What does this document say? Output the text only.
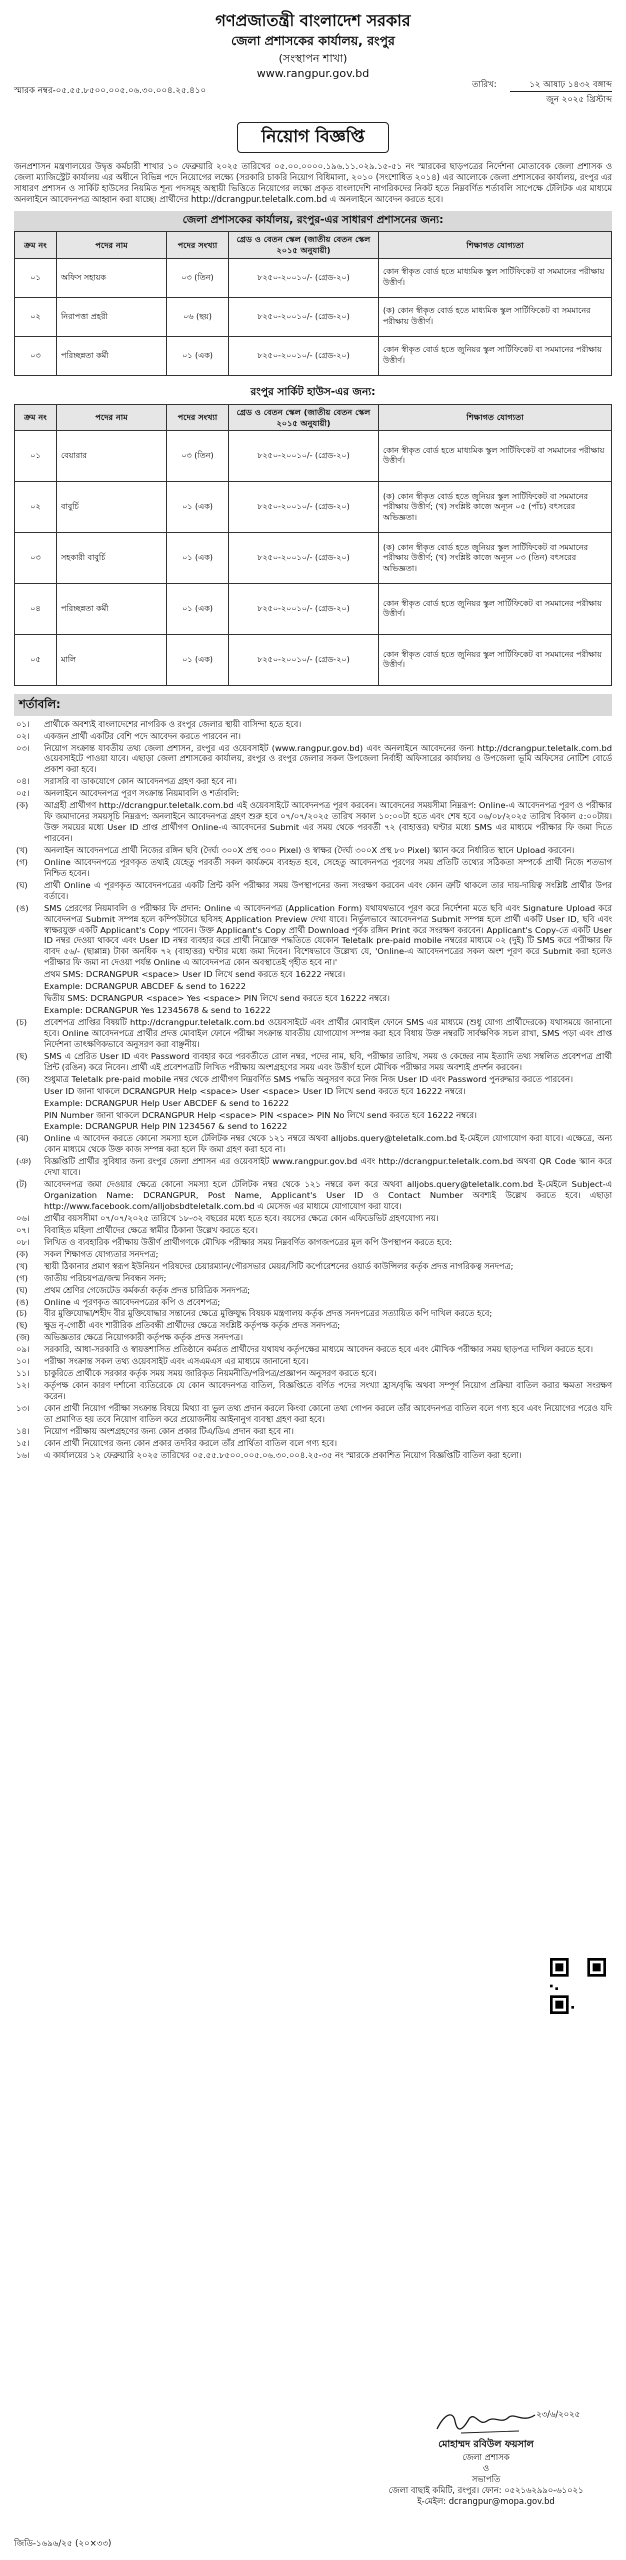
গণপ্রজাতন্ত্রী বাংলাদেশ সরকার
জেলা প্রশাসকের কার্যালয়, রংপুর
(সংস্থাপন শাখা)
www.rangpur.gov.bd
স্মারক নম্বর-০৫.৫৫.৮৫০০.০০৫.০৬.৩০.০০৪.২৫.৪১০
তারিখ:	১২ আষাঢ় ১৪৩২ বঙ্গাব্দ
জুন ২০২৫ খ্রিস্টাব্দ
নিয়োগ বিজ্ঞপ্তি
জনপ্রশাসন মন্ত্রণালয়ের উদ্বৃত্ত কর্মচারী শাখার ১০ ফেব্রুয়ারি ২০২৫ তারিখের ০৫.০০.০০০০.১৯৬.১১.০২৯.১৫-৫১ নং স্মারকের ছাড়পত্রের নির্দেশনা মোতাবেক জেলা প্রশাসক ও জেলা ম্যাজিস্ট্রেট কার্যালয় এর অধীনে বিভিন্ন পদে নিয়োগের লক্ষ্যে (সরকারি চাকরি নিয়োগ বিধিমালা, ২০১০ (সংশোধিত ২০১৪) এর আলোকে জেলা প্রশাসকের কার্যালয়, রংপুর এর সাধারণ প্রশাসন ও সার্কিট হাউসের নিয়মিত শূন্য পদসমূহ অস্থায়ী ভিত্তিতে নিয়োগের লক্ষ্যে প্রকৃত বাংলাদেশি নাগরিকদের নিকট হতে নিম্নবর্ণিত শর্তাবলি সাপেক্ষে টেলিটক এর মাধ্যমে অনলাইনে আবেদনপত্র আহ্বান করা যাচ্ছে। প্রার্থীদের http://dcrangpur.teletalk.com.bd এ অনলাইনে আবেদন করতে হবে।
জেলা প্রশাসকের কার্যালয়, রংপুর-এর সাধারণ প্রশাসনের জন্য:
ক্রম নং	পদের নাম	পদের সংখ্যা	গ্রেড ও বেতন স্কেল (জাতীয় বেতন স্কেল ২০১৫ অনুযায়ী)	শিক্ষাগত যোগ্যতা
০১	অফিস সহায়ক	০৩ (তিন)	৮২৫০-২০০১০/- (গ্রেড-২০)	কোন স্বীকৃত বোর্ড হতে মাধ্যমিক স্কুল সার্টিফিকেট বা সমমানের পরীক্ষায় উত্তীর্ণ।
০২	নিরাপত্তা প্রহরী	০৬ (ছয়)	৮২৫০-২০০১০/- (গ্রেড-২০)	(ক) কোন স্বীকৃত বোর্ড হতে মাধ্যমিক স্কুল সার্টিফিকেট বা সমমানের পরীক্ষায় উত্তীর্ণ।
০৩	পরিচ্ছন্নতা কর্মী	০১ (এক)	৮২৫০-২০০১০/- (গ্রেড-২০)	কোন স্বীকৃত বোর্ড হতে জুনিয়র স্কুল সার্টিফিকেট বা সমমানের পরীক্ষায় উত্তীর্ণ।
রংপুর সার্কিট হাউস-এর জন্য:
ক্রম নং	পদের নাম	পদের সংখ্যা	গ্রেড ও বেতন স্কেল (জাতীয় বেতন স্কেল ২০১৫ অনুযায়ী)	শিক্ষাগত যোগ্যতা
০১	বেয়ারার	০৩ (তিন)	৮২৫০-২০০১০/- (গ্রেড-২০)	কোন স্বীকৃত বোর্ড হতে মাধ্যমিক স্কুল সার্টিফিকেট বা সমমানের পরীক্ষায় উত্তীর্ণ।
০২	বাবুর্চি	০১ (এক)	৮২৫০-২০০১০/- (গ্রেড-২০)	(ক) কোন স্বীকৃত বোর্ড হতে জুনিয়র স্কুল সার্টিফিকেট বা সমমানের পরীক্ষায় উত্তীর্ণ; (খ) সংশ্লিষ্ট কাজে অন্যূন ০৫ (পাঁচ) বৎসরের অভিজ্ঞতা।
০৩	সহকারী বাবুর্চি	০১ (এক)	৮২৫০-২০০১০/- (গ্রেড-২০)	(ক) কোন স্বীকৃত বোর্ড হতে জুনিয়র স্কুল সার্টিফিকেট বা সমমানের পরীক্ষায় উত্তীর্ণ; (খ) সংশ্লিষ্ট কাজে অন্যূন ০৩ (তিন) বৎসরের অভিজ্ঞতা।
০৪	পরিচ্ছন্নতা কর্মী	০১ (এক)	৮২৫০-২০০১০/- (গ্রেড-২০)	কোন স্বীকৃত বোর্ড হতে জুনিয়র স্কুল সার্টিফিকেট বা সমমানের পরীক্ষায় উত্তীর্ণ।
০৫	মালি	০১ (এক)	৮২৫০-২০০১০/- (গ্রেড-২০)	কোন স্বীকৃত বোর্ড হতে জুনিয়র স্কুল সার্টিফিকেট বা সমমানের পরীক্ষায় উত্তীর্ণ।
শর্তাবলি:
০১।	প্রার্থীকে অবশ্যই বাংলাদেশের নাগরিক ও রংপুর জেলার স্থায়ী বাসিন্দা হতে হবে।
০২।	একজন প্রার্থী একটির বেশি পদে আবেদন করতে পারবেন না।
০৩।	নিয়োগ সংক্রান্ত যাবতীয় তথ্য জেলা প্রশাসন, রংপুর এর ওয়েবসাইট (www.rangpur.gov.bd) এবং অনলাইনে আবেদনের জন্য http://dcrangpur.teletalk.com.bd ওয়েবসাইটে পাওয়া যাবে। এছাড়া জেলা প্রশাসকের কার্যালয়, রংপুর ও রংপুর জেলার সকল উপজেলা নির্বাহী অফিসারের কার্যালয় ও উপজেলা ভূমি অফিসের নোটিশ বোর্ডে প্রকাশ করা হবে।
০৪।	সরাসরি বা ডাকযোগে কোন আবেদনপত্র গ্রহণ করা হবে না।
০৫।	অনলাইনে আবেদনপত্র পূরণ সংক্রান্ত নিয়মাবলি ও শর্তাবলি:
(ক)	আগ্রহী প্রার্থীগণ http://dcrangpur.teletalk.com.bd এই ওয়েবসাইটে আবেদনপত্র পূরণ করবেন। আবেদনের সময়সীমা নিম্নরূপ: Online-এ আবেদনপত্র পূরণ ও পরীক্ষার ফি জমাদানের সময়সূচি নিম্নরূপ: অনলাইনে আবেদনপত্র গ্রহণ শুরু হবে ০৭/০৭/২০২৫ তারিখ সকাল ১০:০০টা হতে এবং শেষ হবে ০৬/০৮/২০২৫ তারিখ বিকাল ৫:০০টায়। উক্ত সময়ের মধ্যে User ID প্রাপ্ত প্রার্থীগণ Online-এ আবেদনের Submit এর সময় থেকে পরবর্তী ৭২ (বাহাত্তর) ঘণ্টার মধ্যে SMS এর মাধ্যমে পরীক্ষার ফি জমা দিতে পারবেন।
(খ)	অনলাইন আবেদনপত্রে প্রার্থী নিজের রঙ্গিন ছবি (দৈর্ঘ্য ৩০০X প্রস্থ ৩০০ Pixel) ও স্বাক্ষর (দৈর্ঘ্য ৩০০X প্রস্থ ৮০ Pixel) স্ক্যান করে নির্ধারিত স্থানে Upload করবেন।
(গ)	Online আবেদনপত্রে পূরণকৃত তথ্যই যেহেতু পরবর্তী সকল কার্যক্রমে ব্যবহৃত হবে, সেহেতু আবেদনপত্র পূরণের সময় প্রতিটি তথ্যের সঠিকতা সম্পর্কে প্রার্থী নিজে শতভাগ নিশ্চিত হবেন।
(ঘ)	প্রার্থী Online এ পূরণকৃত আবেদনপত্রের একটি প্রিন্ট কপি পরীক্ষার সময় উপস্থাপনের জন্য সংরক্ষণ করবেন এবং কোন ত্রুটি থাকলে তার দায়-দায়িত্ব সংশ্লিষ্ট প্রার্থীর উপর বর্তাবে।
(ঙ)	SMS প্রেরণের নিয়মাবলি ও পরীক্ষার ফি প্রদান: Online এ আবেদনপত্র (Application Form) যথাযথভাবে পূরণ করে নির্দেশনা মতে ছবি এবং Signature Upload করে আবেদনপত্র Submit সম্পন্ন হলে কম্পিউটারে ছবিসহ Application Preview দেখা যাবে। নির্ভুলভাবে আবেদনপত্র Submit সম্পন্ন হলে প্রার্থী একটি User ID, ছবি এবং স্বাক্ষরযুক্ত একটি Applicant's Copy পাবেন। উক্ত Applicant's Copy প্রার্থী Download পূর্বক রঙ্গিন Print করে সংরক্ষণ করবেন। Applicant's Copy-তে একটি User ID নম্বর দেওয়া থাকবে এবং User ID নম্বর ব্যবহার করে প্রার্থী নিম্নোক্ত পদ্ধতিতে যেকোন Teletalk pre-paid mobile নম্বরের মাধ্যমে ০২ (দুই) টি SMS করে পরীক্ষার ফি বাবদ ৫৬/- (ছাপ্পান্ন) টাকা অনধিক ৭২ (বাহাত্তর) ঘণ্টার মধ্যে জমা দিবেন। বিশেষভাবে উল্লেখ্য যে, 'Online-এ আবেদনপত্রের সকল অংশ পূরণ করে Submit করা হলেও পরীক্ষার ফি জমা না দেওয়া পর্যন্ত Online এ আবেদনপত্র কোন অবস্থাতেই গৃহীত হবে না।'
প্রথম SMS: DCRANGPUR <space> User ID লিখে send করতে হবে 16222 নম্বরে।
Example: DCRANGPUR ABCDEF & send to 16222
দ্বিতীয় SMS: DCRANGPUR <space> Yes <space> PIN লিখে send করতে হবে 16222 নম্বরে।
Example: DCRANGPUR Yes 12345678 & send to 16222
(চ)	প্রবেশপত্র প্রাপ্তির বিষয়টি http://dcrangpur.teletalk.com.bd ওয়েবসাইটে এবং প্রার্থীর মোবাইল ফোনে SMS এর মাধ্যমে (শুধু যোগ্য প্রার্থীদেরকে) যথাসময়ে জানানো হবে। Online আবেদনপত্রে প্রার্থীর প্রদত্ত মোবাইল ফোনে পরীক্ষা সংক্রান্ত যাবতীয় যোগাযোগ সম্পন্ন করা হবে বিধায় উক্ত নম্বরটি সার্বক্ষণিক সচল রাখা, SMS পড়া এবং প্রাপ্ত নির্দেশনা তাৎক্ষণিকভাবে অনুসরণ করা বাঞ্ছনীয়।
(ছ)	SMS এ প্রেরিত User ID এবং Password ব্যবহার করে পরবর্তীতে রোল নম্বর, পদের নাম, ছবি, পরীক্ষার তারিখ, সময় ও কেন্দ্রের নাম ইত্যাদি তথ্য সম্বলিত প্রবেশপত্র প্রার্থী প্রিন্ট (রঙিন) করে নিবেন। প্রার্থী এই প্রবেশপত্রটি লিখিত পরীক্ষায় অংশগ্রহণের সময় এবং উত্তীর্ণ হলে মৌখিক পরীক্ষার সময় অবশ্যই প্রদর্শন করবেন।
(জ)	শুধুমাত্র Teletalk pre-paid mobile নম্বর থেকে প্রার্থীগণ নিম্নবর্ণিত SMS পদ্ধতি অনুসরণ করে নিজ নিজ User ID এবং Password পুনরুদ্ধার করতে পারবেন।
User ID জানা থাকলে DCRANGPUR Help <space> User <space> User ID লিখে send করতে হবে 16222 নম্বরে।
Example: DCRANGPUR Help User ABCDEF & send to 16222
PIN Number জানা থাকলে DCRANGPUR Help <space> PIN <space> PIN No লিখে send করতে হবে 16222 নম্বরে।
Example: DCRANGPUR Help PIN 1234567 & send to 16222
(ঝ)	Online এ আবেদন করতে কোনো সমস্যা হলে টেলিটক নম্বর থেকে ১২১ নম্বরে অথবা alljobs.query@teletalk.com.bd ই-মেইলে যোগাযোগ করা যাবে। এক্ষেত্রে, অন্য কোন মাধ্যমে থেকে উক্ত কাজ সম্পন্ন করা হলে ফি জমা গ্রহণ করা হবে না।
(ঞ)	বিজ্ঞপ্তিটি প্রার্থীর সুবিধার জন্য রংপুর জেলা প্রশাসন এর ওয়েবসাইট www.rangpur.gov.bd এবং http://dcrangpur.teletalk.com.bd অথবা QR Code স্ক্যান করে দেখা যাবে।
(ট)	আবেদনপত্র জমা দেওয়ার ক্ষেত্রে কোনো সমস্যা হলে টেলিটক নম্বর থেকে ১২১ নম্বরে কল করে অথবা alljobs.query@teletalk.com.bd ই-মেইলে Subject-এ Organization Name: DCRANGPUR, Post Name, Applicant's User ID ও Contact Number অবশ্যই উল্লেখ করতে হবে। এছাড়া http://www.facebook.com/alljobsbdteletalk.com.bd এ মেসেজ এর মাধ্যমে যোগাযোগ করা যাবে।
০৬।	প্রার্থীর বয়সসীমা ০৭/০৭/২০২৫ তারিখে ১৮-৩২ বছরের মধ্যে হতে হবে। বয়সের ক্ষেত্রে কোন এফিডেভিট গ্রহণযোগ্য নয়।
০৭।	বিবাহিত মহিলা প্রার্থীদের ক্ষেত্রে স্বামীর ঠিকানা উল্লেখ করতে হবে।
০৮।	লিখিত ও ব্যবহারিক পরীক্ষায় উত্তীর্ণ প্রার্থীগণকে মৌখিক পরীক্ষার সময় নিম্নবর্ণিত কাগজপত্রের মূল কপি উপস্থাপন করতে হবে:
(ক)	সকল শিক্ষাগত যোগ্যতার সনদপত্র;
(খ)	স্থায়ী ঠিকানার প্রমাণ স্বরূপ ইউনিয়ন পরিষদের চেয়ারম্যান/পৌরসভার মেয়র/সিটি কর্পোরেশনের ওয়ার্ড কাউন্সিলর কর্তৃক প্রদত্ত নাগরিকত্ব সনদপত্র;
(গ)	জাতীয় পরিচয়পত্র/জন্ম নিবন্ধন সনদ;
(ঘ)	প্রথম শ্রেণির গেজেটেড কর্মকর্তা কর্তৃক প্রদত্ত চারিত্রিক সনদপত্র;
(ঙ)	Online এ পূরণকৃত আবেদনপত্রের কপি ও প্রবেশপত্র;
(চ)	বীর মুক্তিযোদ্ধা/শহীদ বীর মুক্তিযোদ্ধার সন্তানের ক্ষেত্রে মুক্তিযুদ্ধ বিষয়ক মন্ত্রণালয় কর্তৃক প্রদত্ত সনদপত্রের সত্যায়িত কপি দাখিল করতে হবে;
(ছ)	ক্ষুদ্র নৃ-গোষ্ঠী এবং শারীরিক প্রতিবন্ধী প্রার্থীদের ক্ষেত্রে সংশ্লিষ্ট কর্তৃপক্ষ কর্তৃক প্রদত্ত সনদপত্র;
(জ)	অভিজ্ঞতার ক্ষেত্রে নিয়োগকারী কর্তৃপক্ষ কর্তৃক প্রদত্ত সনদপত্র।
০৯।	সরকারি, আধা-সরকারি ও স্বায়ত্তশাসিত প্রতিষ্ঠানে কর্মরত প্রার্থীদের যথাযথ কর্তৃপক্ষের মাধ্যমে আবেদন করতে হবে এবং মৌখিক পরীক্ষার সময় ছাড়পত্র দাখিল করতে হবে।
১০।	পরীক্ষা সংক্রান্ত সকল তথ্য ওয়েবসাইট এবং এসএমএস এর মাধ্যমে জানানো হবে।
১১।	চাকুরিতে প্রার্থীকে সরকার কর্তৃক সময় সময় জারিকৃত নিয়মনীতি/পরিপত্র/প্রজ্ঞাপন অনুসরণ করতে হবে।
১২।	কর্তৃপক্ষ কোন কারণ দর্শানো ব্যতিরেকে যে কোন আবেদনপত্র বাতিল, বিজ্ঞপ্তিতে বর্ণিত পদের সংখ্যা হ্রাস/বৃদ্ধি অথবা সম্পূর্ণ নিয়োগ প্রক্রিয়া বাতিল করার ক্ষমতা সংরক্ষণ করেন।
১৩।	কোন প্রার্থী নিয়োগ পরীক্ষা সংক্রান্ত বিষয়ে মিথ্যা বা ভুল তথ্য প্রদান করলে কিংবা কোনো তথ্য গোপন করলে তাঁর আবেদনপত্র বাতিল বলে গণ্য হবে এবং নিয়োগের পরেও যদি তা প্রমাণিত হয় তবে নিয়োগ বাতিল করে প্রয়োজনীয় আইনানুগ ব্যবস্থা গ্রহণ করা হবে।
১৪।	নিয়োগ পরীক্ষায় অংশগ্রহণের জন্য কোন প্রকার টিএ/ডিএ প্রদান করা হবে না।
১৫।	কোন প্রার্থী নিয়োগের জন্য কোন প্রকার তদবির করলে তাঁর প্রার্থিতা বাতিল বলে গণ্য হবে।
১৬।	এ কার্যালয়ের ১২ ফেব্রুয়ারি ২০২৫ তারিখের ০৫.৫৫.৮৫০০.০০৫.০৬.৩০.০০৪.২৫-৩৫ নং স্মারকে প্রকাশিত নিয়োগ বিজ্ঞপ্তিটি বাতিল করা হলো।
২৩/৬/২০২৫
মোহাম্মদ রবিউল ফয়সাল
জেলা প্রশাসক
ও
সভাপতি
জেলা বাছাই কমিটি, রংপুর। ফোন: ০৫২১৬২৯৯০-৬১০২১
ই-মেইল: dcrangpur@mopa.gov.bd
জিডি-১৬৯৬/২৫ (২০×৩৩)
